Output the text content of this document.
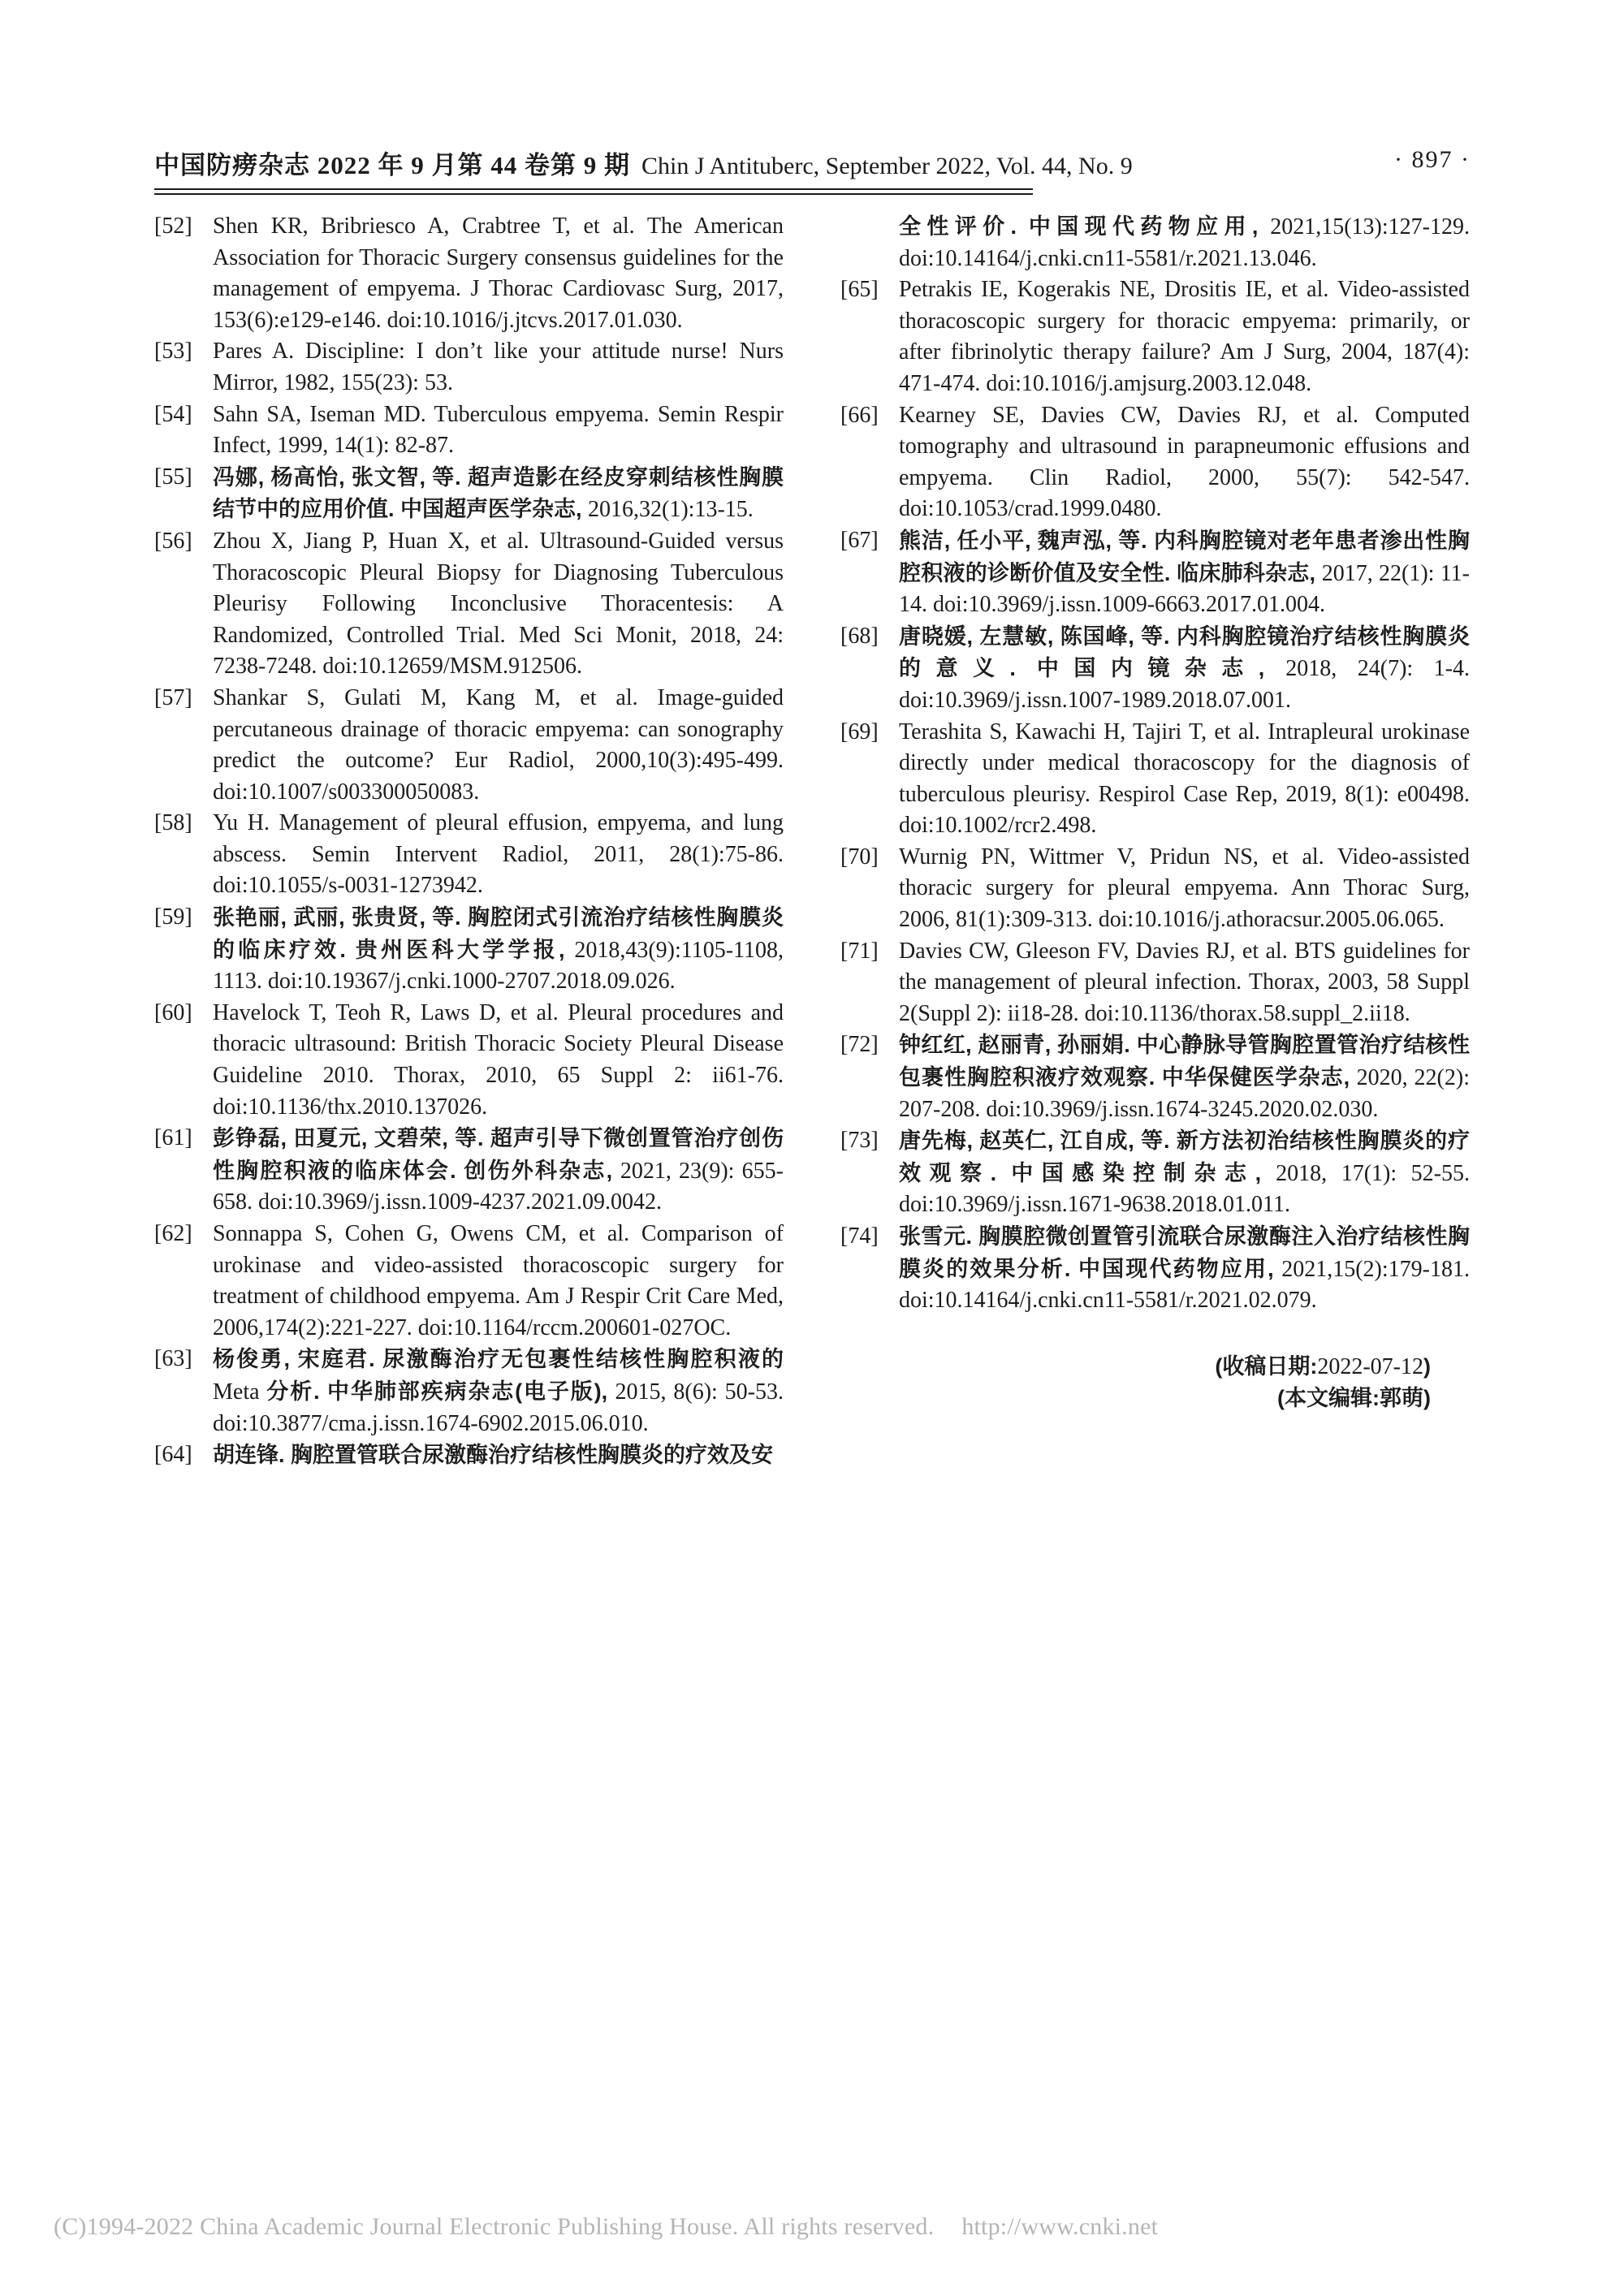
中国防痨杂志 2022 年 9 月第 44 卷第 9 期 Chin J Antituberc, September 2022, Vol. 44, No. 9	· 897 ·
[52] Shen KR, Bribriesco A, Crabtree T, et al. The American Association for Thoracic Surgery consensus guidelines for the management of empyema. J Thorac Cardiovasc Surg, 2017, 153(6):e129-e146. doi:10.1016/j.jtcvs.2017.01.030.
[53] Pares A. Discipline: I don’t like your attitude nurse! Nurs Mirror, 1982, 155(23): 53.
[54] Sahn SA, Iseman MD. Tuberculous empyema. Semin Respir Infect, 1999, 14(1): 82-87.
[55] 冯娜, 杨高怡, 张文智, 等. 超声造影在经皮穿刺结核性胸膜结节中的应用价值. 中国超声医学杂志, 2016,32(1):13-15.
[56] Zhou X, Jiang P, Huan X, et al. Ultrasound-Guided versus Thoracoscopic Pleural Biopsy for Diagnosing Tuberculous Pleurisy Following Inconclusive Thoracentesis: A Randomized, Controlled Trial. Med Sci Monit, 2018, 24: 7238-7248. doi:10.12659/MSM.912506.
[57] Shankar S, Gulati M, Kang M, et al. Image-guided percutaneous drainage of thoracic empyema: can sonography predict the outcome? Eur Radiol, 2000,10(3):495-499. doi:10.1007/s003300050083.
[58] Yu H. Management of pleural effusion, empyema, and lung abscess. Semin Intervent Radiol, 2011, 28(1):75-86. doi:10.1055/s-0031-1273942.
[59] 张艳丽, 武丽, 张贵贤, 等. 胸腔闭式引流治疗结核性胸膜炎的临床疗效. 贵州医科大学学报, 2018,43(9):1105-1108, 1113. doi:10.19367/j.cnki.1000-2707.2018.09.026.
[60] Havelock T, Teoh R, Laws D, et al. Pleural procedures and thoracic ultrasound: British Thoracic Society Pleural Disease Guideline 2010. Thorax, 2010, 65 Suppl 2: ii61-76. doi:10.1136/thx.2010.137026.
[61] 彭铮磊, 田夏元, 文碧荣, 等. 超声引导下微创置管治疗创伤性胸腔积液的临床体会. 创伤外科杂志, 2021, 23(9): 655-658. doi:10.3969/j.issn.1009-4237.2021.09.0042.
[62] Sonnappa S, Cohen G, Owens CM, et al. Comparison of urokinase and video-assisted thoracoscopic surgery for treatment of childhood empyema. Am J Respir Crit Care Med, 2006,174(2):221-227. doi:10.1164/rccm.200601-027OC.
[63] 杨俊勇, 宋庭君. 尿激酶治疗无包裹性结核性胸腔积液的 Meta 分析. 中华肺部疾病杂志(电子版), 2015, 8(6): 50-53. doi:10.3877/cma.j.issn.1674-6902.2015.06.010.
[64] 胡连锋. 胸腔置管联合尿激酶治疗结核性胸膜炎的疗效及安
全性评价. 中国现代药物应用, 2021,15(13):127-129. doi:10.14164/j.cnki.cn11-5581/r.2021.13.046.
[65] Petrakis IE, Kogerakis NE, Drositis IE, et al. Video-assisted thoracoscopic surgery for thoracic empyema: primarily, or after fibrinolytic therapy failure? Am J Surg, 2004, 187(4): 471-474. doi:10.1016/j.amjsurg.2003.12.048.
[66] Kearney SE, Davies CW, Davies RJ, et al. Computed tomography and ultrasound in parapneumonic effusions and empyema. Clin Radiol, 2000, 55(7): 542-547. doi:10.1053/crad.1999.0480.
[67] 熊洁, 任小平, 魏声泓, 等. 内科胸腔镜对老年患者渗出性胸腔积液的诊断价值及安全性. 临床肺科杂志, 2017, 22(1): 11-14. doi:10.3969/j.issn.1009-6663.2017.01.004.
[68] 唐晓媛, 左慧敏, 陈国峰, 等. 内科胸腔镜治疗结核性胸膜炎的意义. 中国内镜杂志, 2018, 24(7): 1-4. doi:10.3969/j.issn.1007-1989.2018.07.001.
[69] Terashita S, Kawachi H, Tajiri T, et al. Intrapleural urokinase directly under medical thoracoscopy for the diagnosis of tuberculous pleurisy. Respirol Case Rep, 2019, 8(1): e00498. doi:10.1002/rcr2.498.
[70] Wurnig PN, Wittmer V, Pridun NS, et al. Video-assisted thoracic surgery for pleural empyema. Ann Thorac Surg, 2006, 81(1):309-313. doi:10.1016/j.athoracsur.2005.06.065.
[71] Davies CW, Gleeson FV, Davies RJ, et al. BTS guidelines for the management of pleural infection. Thorax, 2003, 58 Suppl 2(Suppl 2): ii18-28. doi:10.1136/thorax.58.suppl_2.ii18.
[72] 钟红红, 赵丽青, 孙丽娟. 中心静脉导管胸腔置管治疗结核性包裹性胸腔积液疗效观察. 中华保健医学杂志, 2020, 22(2): 207-208. doi:10.3969/j.issn.1674-3245.2020.02.030.
[73] 唐先梅, 赵英仁, 江自成, 等. 新方法初治结核性胸膜炎的疗效观察. 中国感染控制杂志, 2018, 17(1): 52-55. doi:10.3969/j.issn.1671-9638.2018.01.011.
[74] 张雪元. 胸膜腔微创置管引流联合尿激酶注入治疗结核性胸膜炎的效果分析. 中国现代药物应用, 2021,15(2):179-181. doi:10.14164/j.cnki.cn11-5581/r.2021.02.079.
(收稿日期:2022-07-12)
(本文编辑:郭萌)
(C)1994-2022 China Academic Journal Electronic Publishing House. All rights reserved. http://www.cnki.net
